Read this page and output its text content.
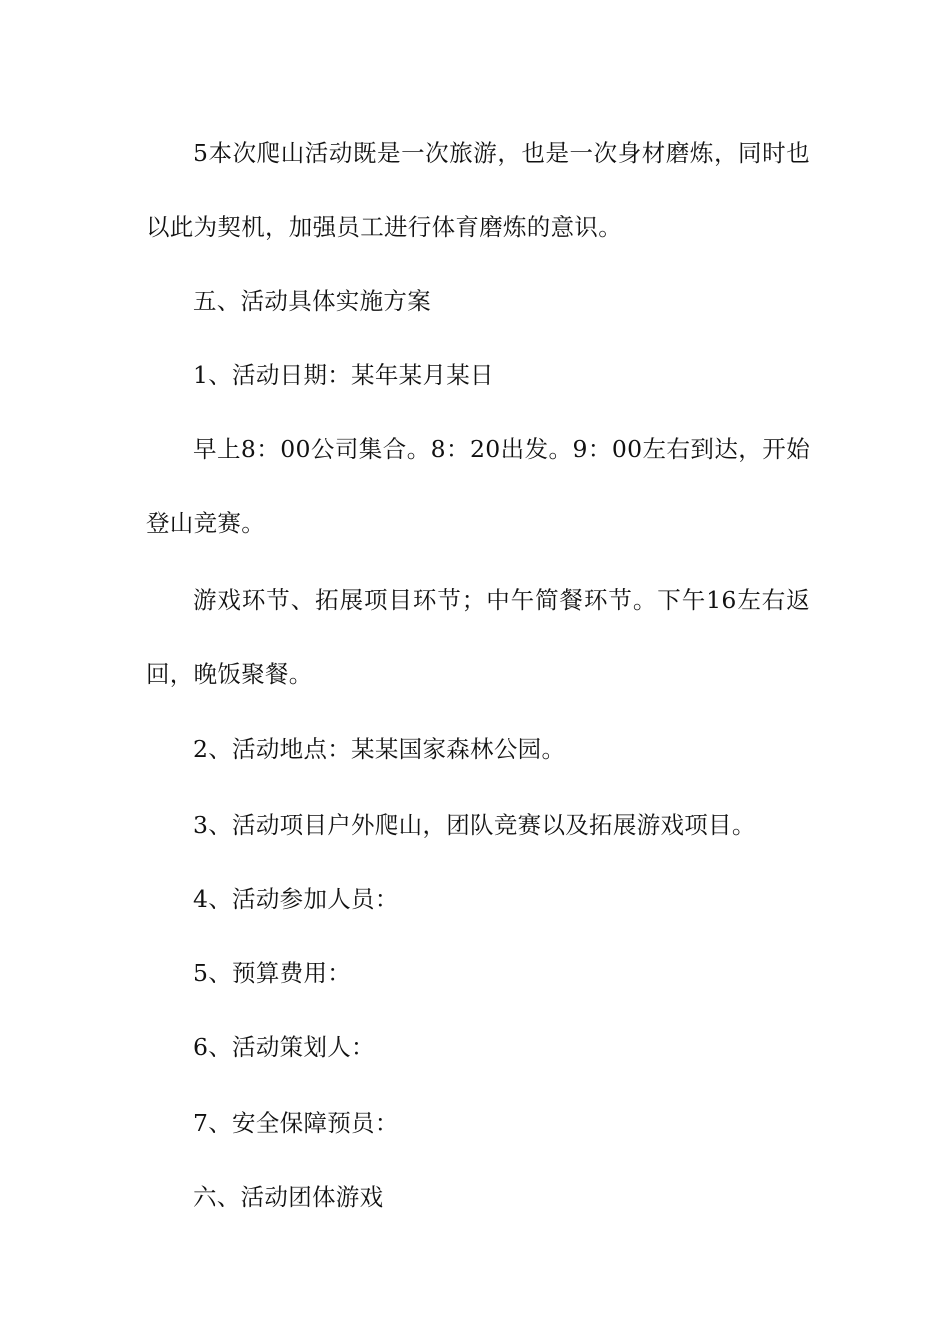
5本次爬山活动既是一次旅游，也是一次身材磨炼，同时也以此为契机，加强员工进行体育磨炼的意识。

五、活动具体实施方案

1、活动日期：某年某月某日

早上8：00公司集合。8：20出发。9：00左右到达，开始登山竞赛。

游戏环节、拓展项目环节；中午简餐环节。下午16左右返回，晚饭聚餐。

2、活动地点：某某国家森林公园。

3、活动项目户外爬山，团队竞赛以及拓展游戏项目。

4、活动参加人员：

5、预算费用：

6、活动策划人：

7、安全保障预员：

六、活动团体游戏
